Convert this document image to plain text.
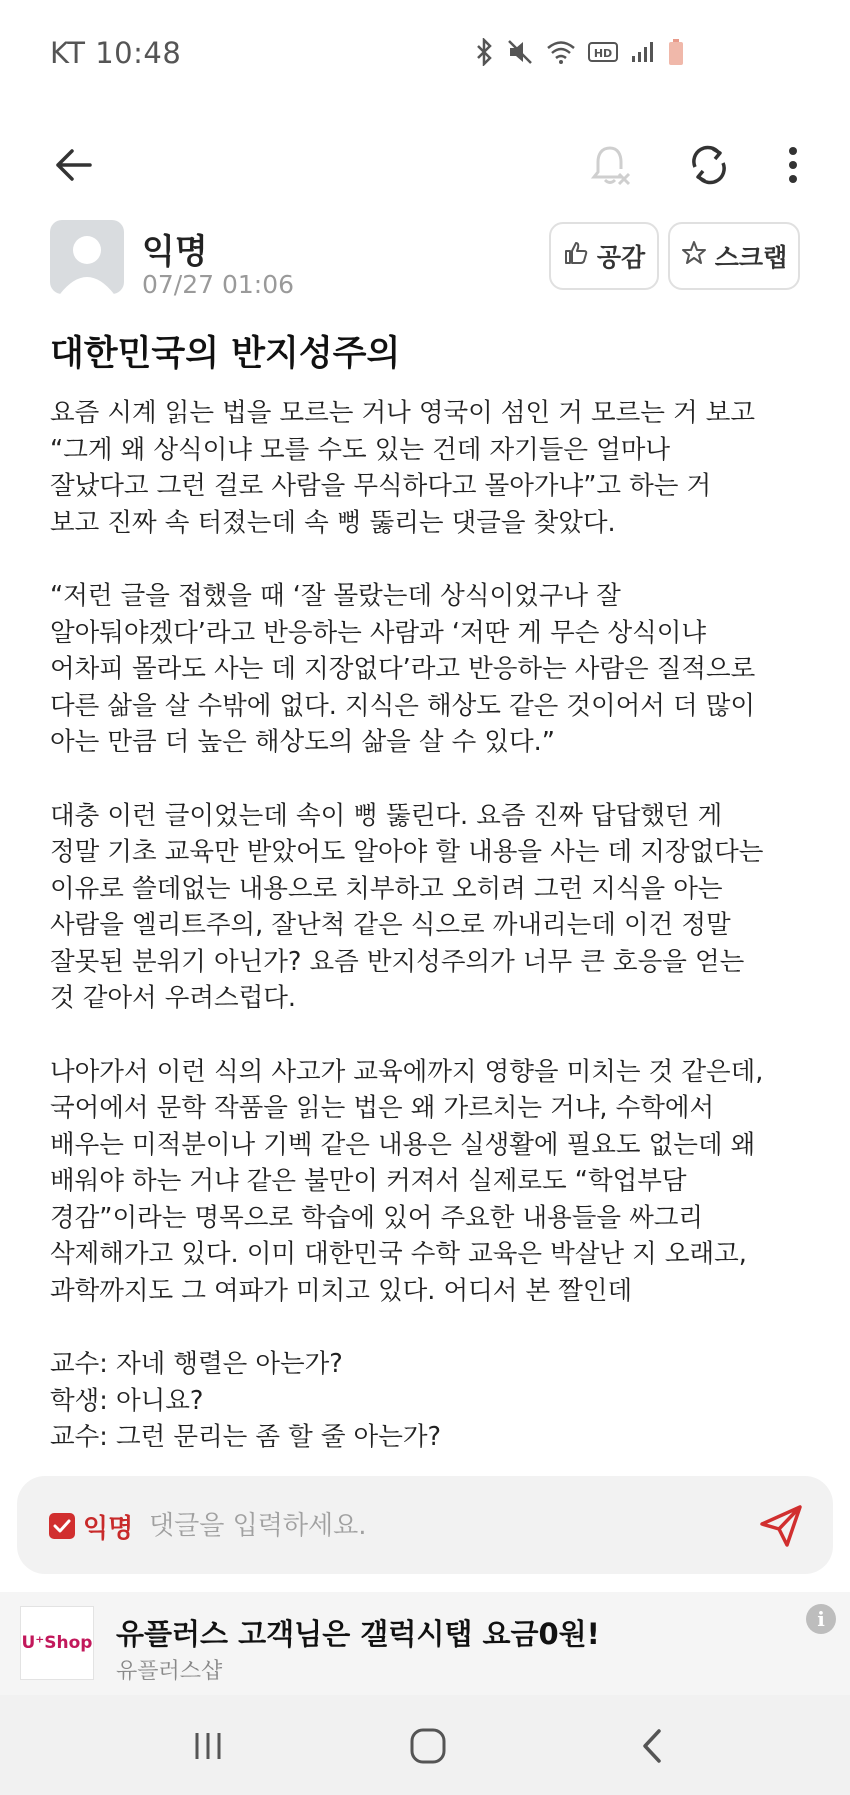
KT 10:48	HD
익명
07/27 01:06
공감	스크랩
대한민국의 반지성주의

요즘 시계 읽는 법을 모르는 거나 영국이 섬인 거 모르는 거 보고
“그게 왜 상식이냐 모를 수도 있는 건데 자기들은 얼마나
잘났다고 그런 걸로 사람을 무식하다고 몰아가냐”고 하는 거
보고 진짜 속 터졌는데 속 뻥 뚫리는 댓글을 찾았다.

“저런 글을 접했을 때 ‘잘 몰랐는데 상식이었구나 잘
알아둬야겠다’라고 반응하는 사람과 ‘저딴 게 무슨 상식이냐
어차피 몰라도 사는 데 지장없다’라고 반응하는 사람은 질적으로
다른 삶을 살 수밖에 없다. 지식은 해상도 같은 것이어서 더 많이
아는 만큼 더 높은 해상도의 삶을 살 수 있다.”

대충 이런 글이었는데 속이 뻥 뚫린다. 요즘 진짜 답답했던 게
정말 기초 교육만 받았어도 알아야 할 내용을 사는 데 지장없다는
이유로 쓸데없는 내용으로 치부하고 오히려 그런 지식을 아는
사람을 엘리트주의, 잘난척 같은 식으로 까내리는데 이건 정말
잘못된 분위기 아닌가? 요즘 반지성주의가 너무 큰 호응을 얻는
것 같아서 우려스럽다.

나아가서 이런 식의 사고가 교육에까지 영향을 미치는 것 같은데,
국어에서 문학 작품을 읽는 법은 왜 가르치는 거냐, 수학에서
배우는 미적분이나 기벡 같은 내용은 실생활에 필요도 없는데 왜
배워야 하는 거냐 같은 불만이 커져서 실제로도 “학업부담
경감”이라는 명목으로 학습에 있어 주요한 내용들을 싸그리
삭제해가고 있다. 이미 대한민국 수학 교육은 박살난 지 오래고,
과학까지도 그 여파가 미치고 있다. 어디서 본 짤인데

교수: 자네 행렬은 아는가?
학생: 아니요?
교수: 그런 문리는 좀 할 줄 아는가?

익명
댓글을 입력하세요.
U⁺Shop 유플러스 고객님은 갤럭시탭 요금0원!
유플러스샵
i
